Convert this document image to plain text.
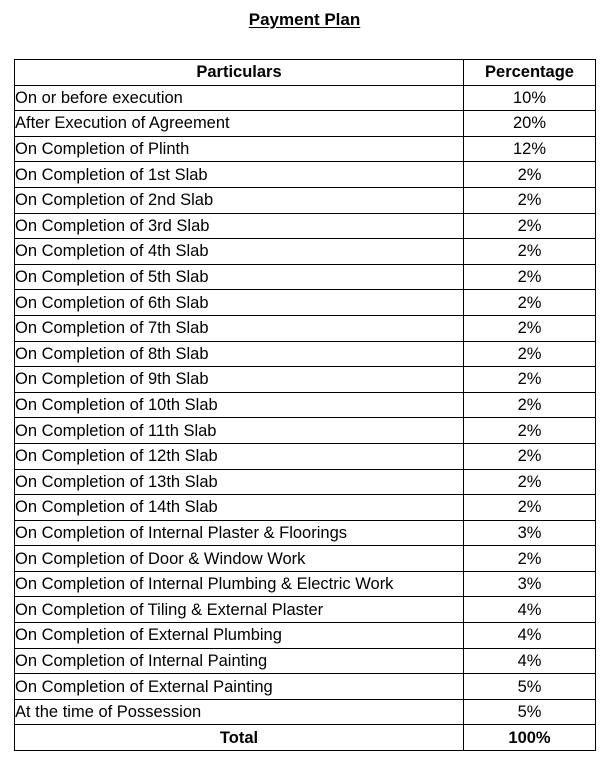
Payment Plan
Particulars	Percentage
On or before execution	10%
After Execution of Agreement	20%
On Completion of Plinth	12%
On Completion of 1st Slab	2%
On Completion of 2nd Slab	2%
On Completion of 3rd Slab	2%
On Completion of 4th Slab	2%
On Completion of 5th Slab	2%
On Completion of 6th Slab	2%
On Completion of 7th Slab	2%
On Completion of 8th Slab	2%
On Completion of 9th Slab	2%
On Completion of 10th Slab	2%
On Completion of 11th Slab	2%
On Completion of 12th Slab	2%
On Completion of 13th Slab	2%
On Completion of 14th Slab	2%
On Completion of Internal Plaster & Floorings	3%
On Completion of Door & Window Work	2%
On Completion of Internal Plumbing & Electric Work	3%
On Completion of Tiling & External Plaster	4%
On Completion of External Plumbing	4%
On Completion of Internal Painting	4%
On Completion of External Painting	5%
At the time of Possession	5%
Total	100%
